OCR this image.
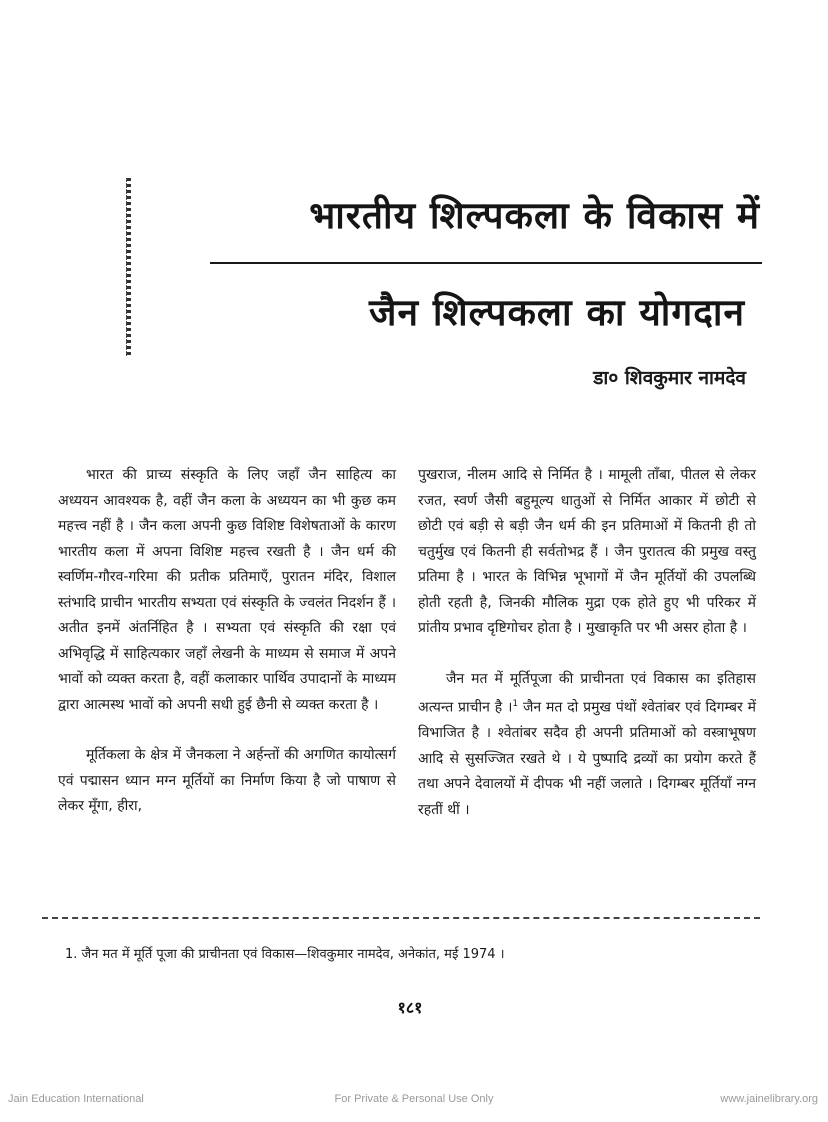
भारतीय शिल्पकला के विकास में
जैन शिल्पकला का योगदान
डा० शिवकुमार नामदेव

भारत की प्राच्य संस्कृति के लिए जहाँ जैन साहित्य का अध्ययन आवश्यक है, वहीं जैन कला के अध्ययन का भी कुछ कम महत्त्व नहीं है । जैन कला अपनी कुछ विशिष्ट विशेषताओं के कारण भारतीय कला में अपना विशिष्ट महत्त्व रखती है । जैन धर्म की स्वर्णिम-गौरव-गरिमा की प्रतीक प्रतिमाएँ, पुरातन मंदिर, विशाल स्तंभादि प्राचीन भारतीय सभ्यता एवं संस्कृति के ज्वलंत निदर्शन हैं । अतीत इनमें अंतर्निहित है । सभ्यता एवं संस्कृति की रक्षा एवं अभिवृद्धि में साहित्यकार जहाँ लेखनी के माध्यम से समाज में अपने भावों को व्यक्त करता है, वहीं कलाकार पार्थिव उपादानों के माध्यम द्वारा आत्मस्थ भावों को अपनी सधी हुई छैनी से व्यक्त करता है ।

मूर्तिकला के क्षेत्र में जैनकला ने अर्हन्तों की अगणित कायोत्सर्ग एवं पद्मासन ध्यान मग्न मूर्तियों का निर्माण किया है जो पाषाण से लेकर मूँगा, हीरा,

पुखराज, नीलम आदि से निर्मित है । मामूली ताँबा, पीतल से लेकर रजत, स्वर्ण जैसी बहुमूल्य धातुओं से निर्मित आकार में छोटी से छोटी एवं बड़ी से बड़ी जैन धर्म की इन प्रतिमाओं में कितनी ही तो चतुर्मुख एवं कितनी ही सर्वतोभद्र हैं । जैन पुरातत्व की प्रमुख वस्तु प्रतिमा है । भारत के विभिन्न भूभागों में जैन मूर्तियों की उपलब्धि होती रहती है, जिनकी मौलिक मुद्रा एक होते हुए भी परिकर में प्रांतीय प्रभाव दृष्टिगोचर होता है । मुखाकृति पर भी असर होता है ।

जैन मत में मूर्तिपूजा की प्राचीनता एवं विकास का इतिहास अत्यन्त प्राचीन है ।$^1$ जैन मत दो प्रमुख पंथों श्वेतांबर एवं दिगम्बर में विभाजित है । श्वेतांबर सदैव ही अपनी प्रतिमाओं को वस्त्राभूषण आदि से सुसज्जित रखते थे । ये पुष्पादि द्रव्यों का प्रयोग करते हैं तथा अपने देवालयों में दीपक भी नहीं जलाते । दिगम्बर मूर्तियाँ नग्न रहतीं थीं ।

1. जैन मत में मूर्ति पूजा की प्राचीनता एवं विकास—शिवकुमार नामदेव, अनेकांत, मई 1974 ।
१८१
Jain Education International	For Private & Personal Use Only	www.jainelibrary.org
